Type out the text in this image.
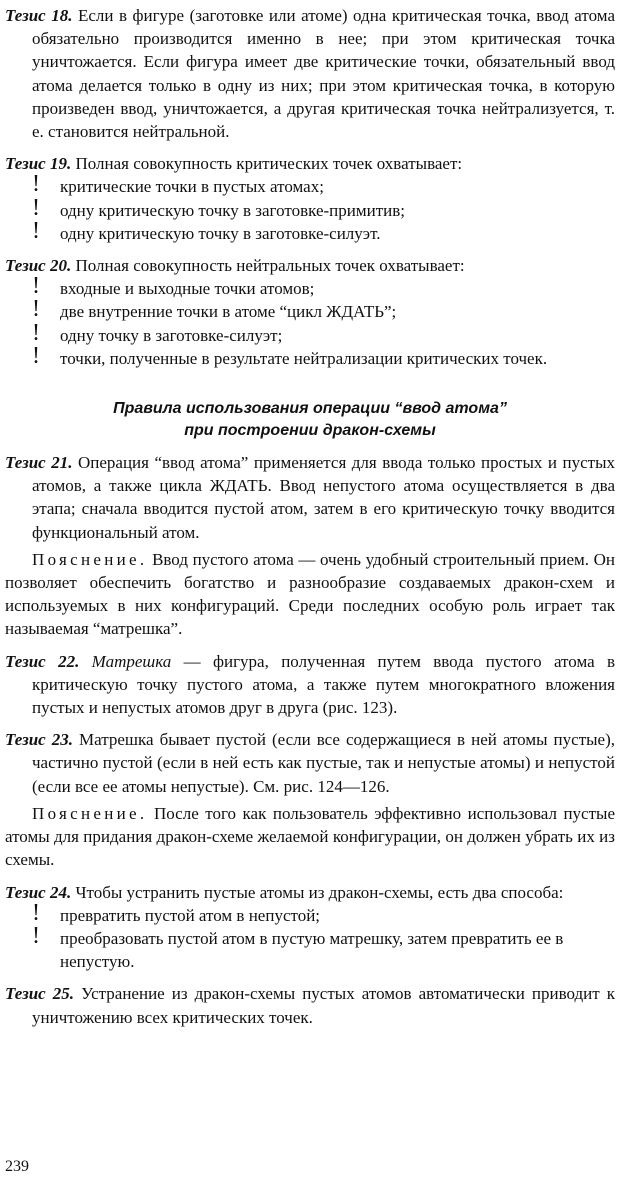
Тезис 18. Если в фигуре (заготовке или атоме) одна критическая точка, ввод атома обязательно производится именно в нее; при этом критическая точка уничтожается. Если фигура имеет две критические точки, обязательный ввод атома делается только в одну из них; при этом критическая точка, в которую произведен ввод, уничтожается, а другая критическая точка нейтрализуется, т. е. становится нейтральной.

Тезис 19. Полная совокупность критических точек охватывает:

! критические точки в пустых атомах;
! одну критическую точку в заготовке-примитив;
! одну критическую точку в заготовке-силуэт.

Тезис 20. Полная совокупность нейтральных точек охватывает:

! входные и выходные точки атомов;
! две внутренние точки в атоме “цикл ЖДАТЬ”;
! одну точку в заготовке-силуэт;
! точки, полученные в результате нейтрализации критических точек.
Правила использования операции “ввод атома”
при построении дракон-схемы

Тезис 21. Операция “ввод атома” применяется для ввода только простых и пустых атомов, а также цикла ЖДАТЬ. Ввод непустого атома осуществляется в два этапа; сначала вводится пустой атом, затем в его критическую точку вводится функциональный атом.

Пояснение. Ввод пустого атома — очень удобный строительный прием. Он позволяет обеспечить богатство и разнообразие создаваемых дракон-схем и используемых в них конфигураций. Среди последних особую роль играет так называемая “матрешка”.

Тезис 22. Матрешка — фигура, полученная путем ввода пустого атома в критическую точку пустого атома, а также путем многократного вложения пустых и непустых атомов друг в друга (рис. 123).

Тезис 23. Матрешка бывает пустой (если все содержащиеся в ней атомы пустые), частично пустой (если в ней есть как пустые, так и непустые атомы) и непустой (если все ее атомы непустые). См. рис. 124—126.

Пояснение. После того как пользователь эффективно использовал пустые атомы для придания дракон-схеме желаемой конфигурации, он должен убрать их из схемы.

Тезис 24. Чтобы устранить пустые атомы из дракон-схемы, есть два способа:

! превратить пустой атом в непустой;
! преобразовать пустой атом в пустую матрешку, затем превратить ее в непустую.

Тезис 25. Устранение из дракон-схемы пустых атомов автоматически приводит к уничтожению всех критических точек.

239
